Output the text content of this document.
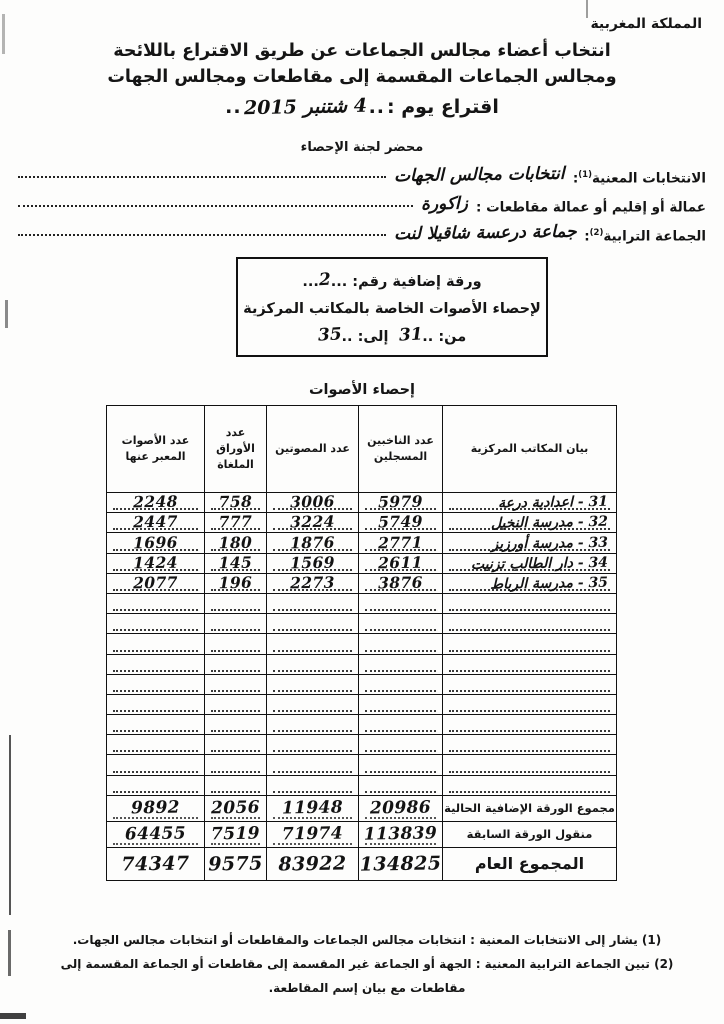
المملكة المغربية
انتخاب أعضاء مجالس الجماعات عن طريق الاقتراع باللائحة
ومجالس الجماعات المقسمة إلى مقاطعات ومجالس الجهات
اقتراع يوم :
..
4 شتنبر 2015
..
محضر لجنة الإحصاء
الانتخابات المعنية$^{(1)}$:
انتخابات مجالس الجهات
عمالة أو إقليم أو عمالة مقاطعات :
زاكورة
الجماعة الترابية$^{(2)}$:
جماعة درعسة شاقيلا لنت
ورقة إضافية رقم: ...2...
لإحصاء الأصوات الخاصة بالمكاتب المركزية
من: ..31  إلى: ..35
إحصاء الأصوات
بيان المكاتب المركزية	عدد الناخبين المسجلين	عدد المصوتين	عدد الأوراق الملغاة	عدد الأصوات المعبر عنها

31 - اعدادية درعة	5979	3006	758	2248

32 - مدرسة النخيل	5749	3224	777	2447

33 - مدرسة أورزيز	2771	1876	180	1696

34 - دار الطالب تزنيت	2611	1569	145	1424

35 - مدرسة الرباط	3876	2273	196	2077

مجموع الورقة الإضافية الحالية	20986	11948	2056	9892

منقول الورقة السابقة	113839	71974	7519	64455

المجموع العام	134825	83922	9575	74347
(1) يشار إلى الانتخابات المعنية : انتخابات مجالس الجماعات والمقاطعات أو انتخابات مجالس الجهات.
(2) تبين الجماعة الترابية المعنية : الجهة أو الجماعة غير المقسمة إلى مقاطعات أو الجماعة المقسمة إلى مقاطعات مع بيان إسم المقاطعة.
